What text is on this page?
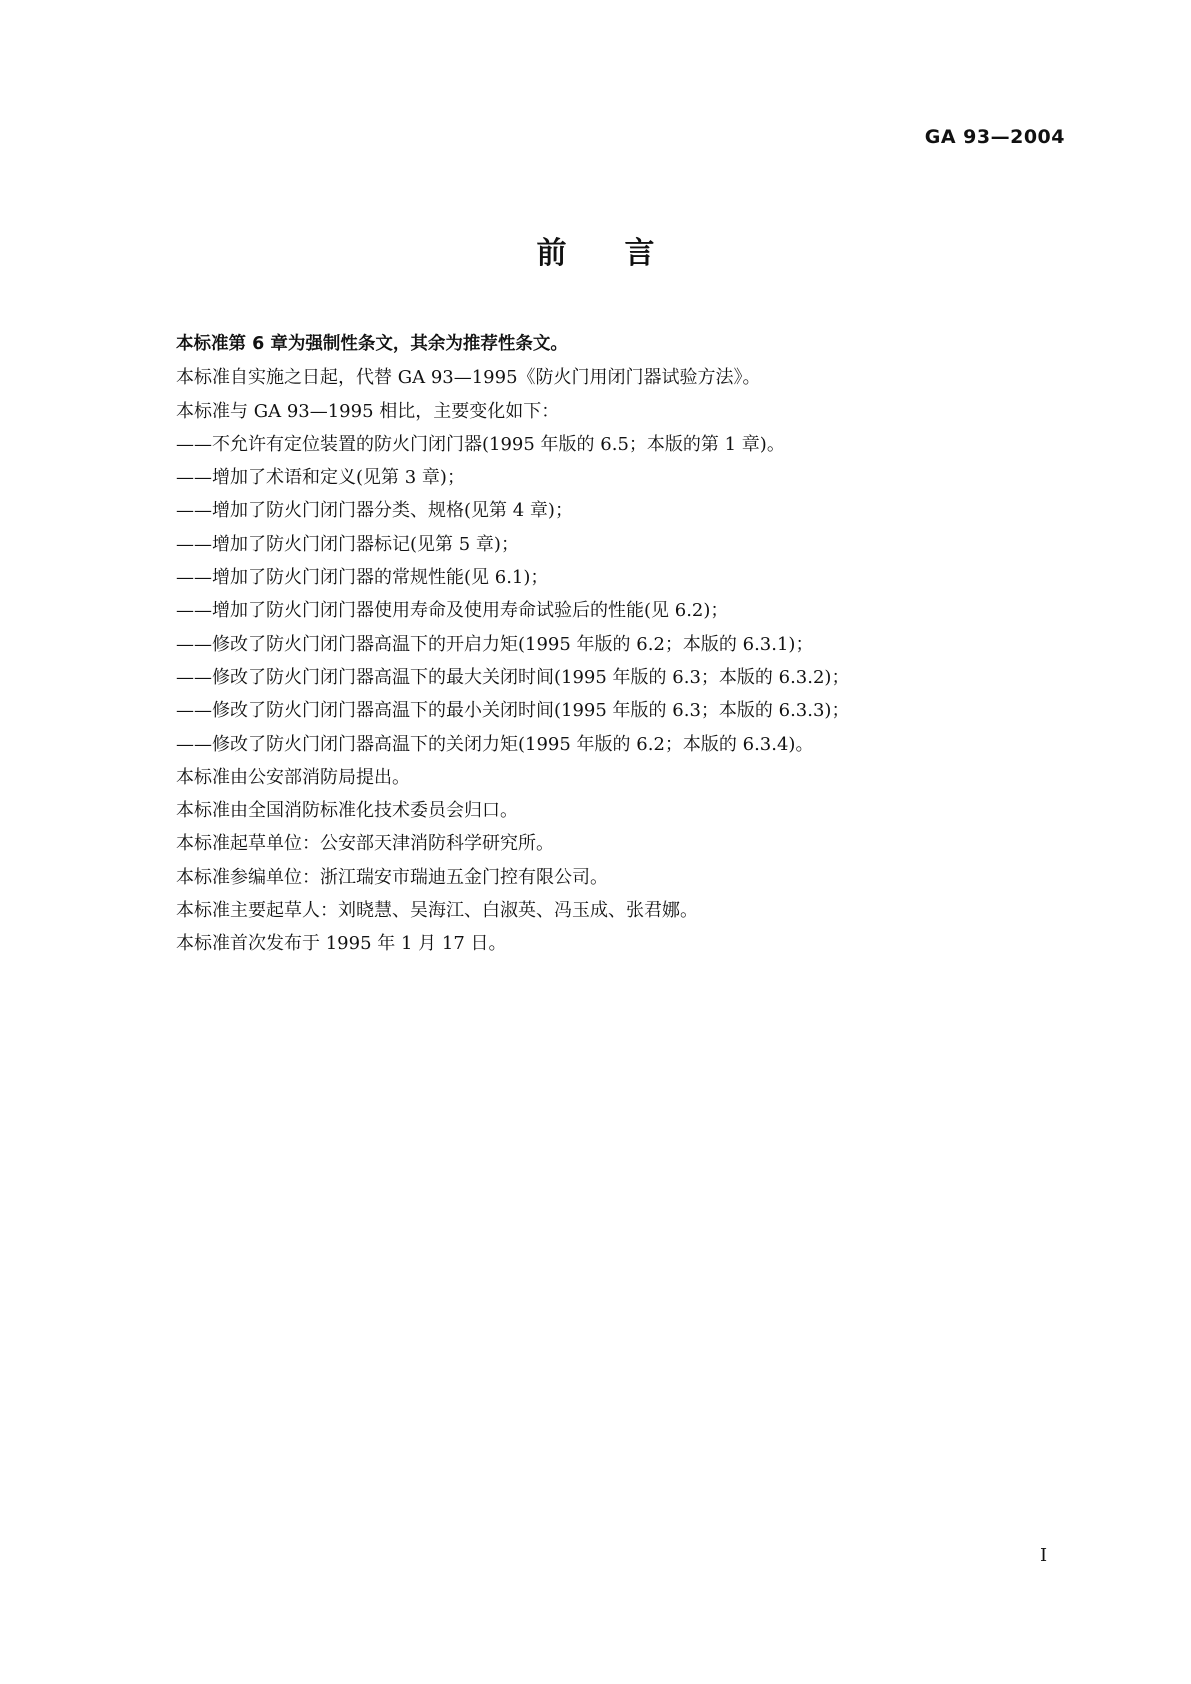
GA 93—2004
前言
本标准第 6 章为强制性条文，其余为推荐性条文。
本标准自实施之日起，代替 GA 93—1995《防火门用闭门器试验方法》。
本标准与 GA 93—1995 相比，主要变化如下：
——不允许有定位装置的防火门闭门器(1995 年版的 6.5；本版的第 1 章)。
——增加了术语和定义(见第 3 章)；
——增加了防火门闭门器分类、规格(见第 4 章)；
——增加了防火门闭门器标记(见第 5 章)；
——增加了防火门闭门器的常规性能(见 6.1)；
——增加了防火门闭门器使用寿命及使用寿命试验后的性能(见 6.2)；
——修改了防火门闭门器高温下的开启力矩(1995 年版的 6.2；本版的 6.3.1)；
——修改了防火门闭门器高温下的最大关闭时间(1995 年版的 6.3；本版的 6.3.2)；
——修改了防火门闭门器高温下的最小关闭时间(1995 年版的 6.3；本版的 6.3.3)；
——修改了防火门闭门器高温下的关闭力矩(1995 年版的 6.2；本版的 6.3.4)。
本标准由公安部消防局提出。
本标准由全国消防标准化技术委员会归口。
本标准起草单位：公安部天津消防科学研究所。
本标准参编单位：浙江瑞安市瑞迪五金门控有限公司。
本标准主要起草人：刘晓慧、吴海江、白淑英、冯玉成、张君娜。
本标准首次发布于 1995 年 1 月 17 日。
I
